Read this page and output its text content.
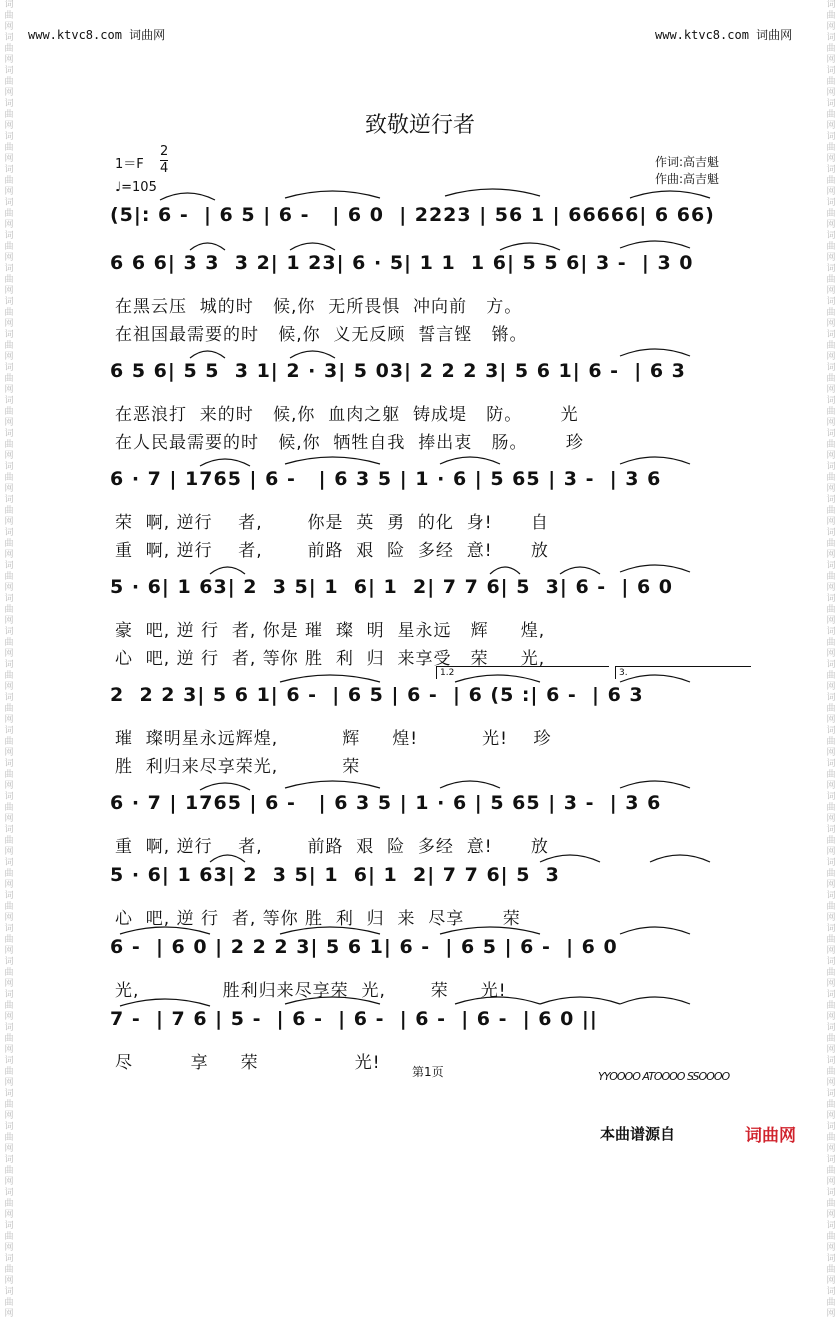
词曲网词曲网词曲网词曲网词曲网词曲网词曲网词曲网词曲网词曲网词曲网词曲网词曲网词曲网词曲网词曲网词曲网词曲网词曲网词曲网词曲网词曲网词曲网词曲网词曲网词曲网词曲网词曲网词曲网词曲网词曲网词曲网词曲网词曲网词曲网词曲网词曲网词曲网词曲网词曲网
词曲网词曲网词曲网词曲网词曲网词曲网词曲网词曲网词曲网词曲网词曲网词曲网词曲网词曲网词曲网词曲网词曲网词曲网词曲网词曲网词曲网词曲网词曲网词曲网词曲网词曲网词曲网词曲网词曲网词曲网词曲网词曲网词曲网词曲网词曲网词曲网词曲网词曲网词曲网词曲网
www.ktvc8.com 词曲网	www.ktvc8.com 词曲网
致敬逆行者
1＝F
2
4
♩=105
作词:高吉魁
作曲:高吉魁
(5|: 6 -  | 6 5 | 6 -   | 6 0  | 2223 | 56 1 | 66666| 6 66)
6 6 6| 3 3  3 2| 1 23| 6 · 5| 1 1  1 6| 5 5 6| 3 -  | 3 0
在黑云压  城的时   候,你  无所畏惧  冲向前   方。
在祖国最需要的时   候,你  义无反顾  誓言铿   锵。
6 5 6| 5 5  3 1| 2 · 3| 5 03| 2 2 2 3| 5 6 1| 6 -  | 6 3
在恶浪打  来的时   候,你  血肉之躯  铸成堤   防。      光
在人民最需要的时   候,你  牺牲自我  捧出衷   肠。      珍
6 · 7 | 1765 | 6 -   | 6 3 5 | 1 · 6 | 5 65 | 3 -  | 3 6
荣  啊, 逆行    者,       你是  英  勇  的化  身!      自
重  啊, 逆行    者,       前路  艰  险  多经  意!      放
5 · 6| 1 63| 2  3 5| 1  6| 1  2| 7 7 6| 5  3| 6 -  | 6 0
豪  吧, 逆 行  者, 你是 璀  璨  明  星永远   辉     煌,
心  吧, 逆 行  者, 等你 胜  利  归  来享受   荣     光,
2  2 2 3| 5 6 1| 6 -  | 6 5 | 6 -  | 6 (5 :| 6 -  | 6 3
璀  璨明星永远辉煌,          辉     煌!          光!    珍
胜  利归来尽享荣光,          荣
6 · 7 | 1765 | 6 -   | 6 3 5 | 1 · 6 | 5 65 | 3 -  | 3 6
重  啊, 逆行    者,       前路  艰  险  多经  意!      放
5 · 6| 1 63| 2  3 5| 1  6| 1  2| 7 7 6| 5  3
心  吧, 逆 行  者, 等你 胜  利  归  来  尽享      荣
6 -  | 6 0 | 2 2 2 3| 5 6 1| 6 -  | 6 5 | 6 -  | 6 0
光,             胜利归来尽享荣  光,       荣     光!
7 -  | 7 6 | 5 -  | 6 -  | 6 -  | 6 -  | 6 -  | 6 0 ||
尽         享     荣               光!
1.2	3.
第1页	YYOOOO ATOOOO SSOOOO
本曲谱源自	词曲网
